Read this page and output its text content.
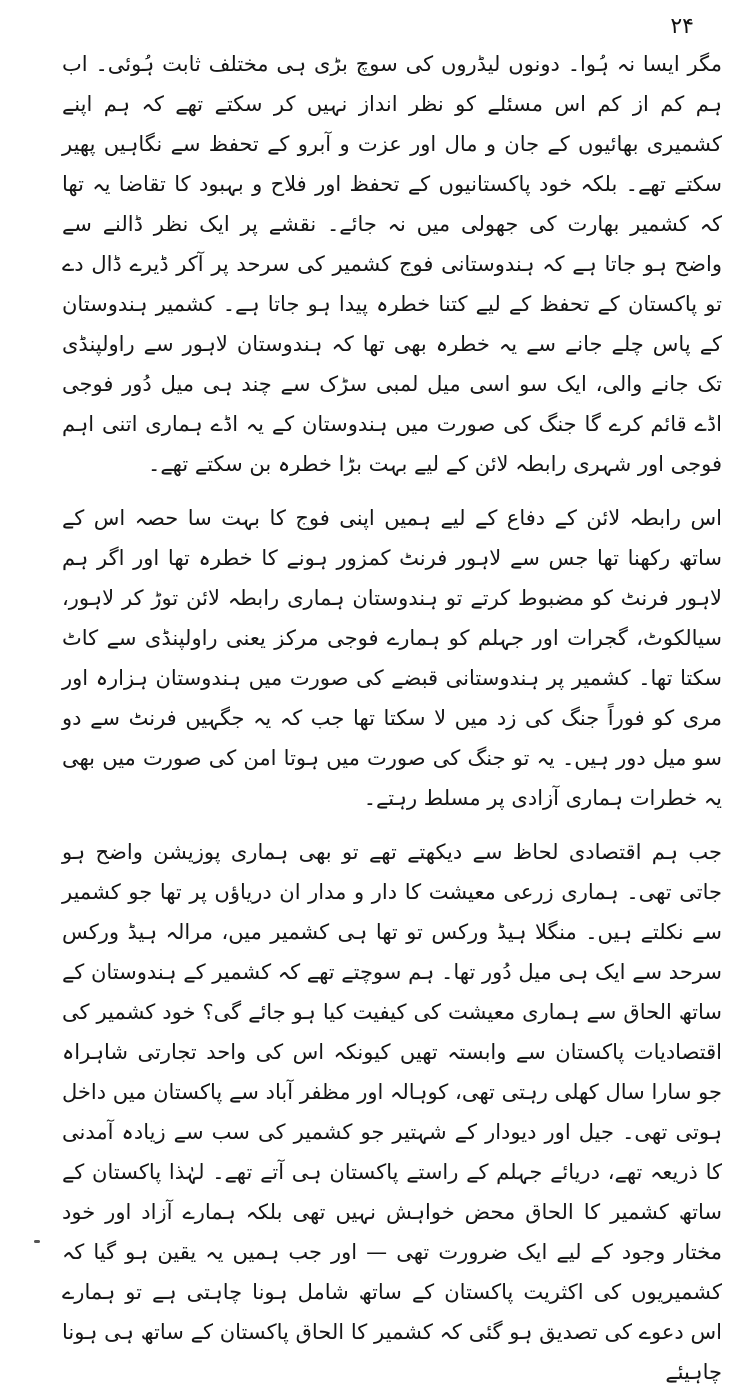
۲۴

مگر ایسا نہ ہُوا۔ دونوں لیڈروں کی سوچ بڑی ہی مختلف ثابت ہُوئی۔ اب ہم کم از کم اس مسئلے کو نظر انداز نہیں کر سکتے تھے کہ ہم اپنے کشمیری بھائیوں کے جان و مال اور عزت و آبرو کے تحفظ سے نگاہیں پھیر سکتے تھے۔ بلکہ خود پاکستانیوں کے تحفظ اور فلاح و بہبود کا تقاضا یہ تھا کہ کشمیر بھارت کی جھولی میں نہ جائے۔ نقشے پر ایک نظر ڈالنے سے واضح ہو جاتا ہے کہ ہندوستانی فوج کشمیر کی سرحد پر آکر ڈیرے ڈال دے تو پاکستان کے تحفظ کے لیے کتنا خطرہ پیدا ہو جاتا ہے۔ کشمیر ہندوستان کے پاس چلے جانے سے یہ خطرہ بھی تھا کہ ہندوستان لاہور سے راولپنڈی تک جانے والی، ایک سو اسی میل لمبی سڑک سے چند ہی میل دُور فوجی اڈے قائم کرے گا جنگ کی صورت میں ہندوستان کے یہ اڈے ہماری اتنی اہم فوجی اور شہری رابطہ لائن کے لیے بہت بڑا خطرہ بن سکتے تھے۔

اس رابطہ لائن کے دفاع کے لیے ہمیں اپنی فوج کا بہت سا حصہ اس کے ساتھ رکھنا تھا جس سے لاہور فرنٹ کمزور ہونے کا خطرہ تھا اور اگر ہم لاہور فرنٹ کو مضبوط کرتے تو ہندوستان ہماری رابطہ لائن توڑ کر لاہور، سیالکوٹ، گجرات اور جہلم کو ہمارے فوجی مرکز یعنی راولپنڈی سے کاٹ سکتا تھا۔ کشمیر پر ہندوستانی قبضے کی صورت میں ہندوستان ہزارہ اور مری کو فوراً جنگ کی زد میں لا سکتا تھا جب کہ یہ جگہیں فرنٹ سے دو سو میل دور ہیں۔ یہ تو جنگ کی صورت میں ہوتا امن کی صورت میں بھی یہ خطرات ہماری آزادی پر مسلط رہتے۔

جب ہم اقتصادی لحاظ سے دیکھتے تھے تو بھی ہماری پوزیشن واضح ہو جاتی تھی۔ ہماری زرعی معیشت کا دار و مدار ان دریاؤں پر تھا جو کشمیر سے نکلتے ہیں۔ منگلا ہیڈ ورکس تو تھا ہی کشمیر میں، مرالہ ہیڈ ورکس سرحد سے ایک ہی میل دُور تھا۔ ہم سوچتے تھے کہ کشمیر کے ہندوستان کے ساتھ الحاق سے ہماری معیشت کی کیفیت کیا ہو جائے گی؟ خود کشمیر کی اقتصادیات پاکستان سے وابستہ تھیں کیونکہ اس کی واحد تجارتی شاہراہ جو سارا سال کھلی رہتی تھی، کوہالہ اور مظفر آباد سے پاکستان میں داخل ہوتی تھی۔ جیل اور دیودار کے شہتیر جو کشمیر کی سب سے زیادہ آمدنی کا ذریعہ تھے، دریائے جہلم کے راستے پاکستان ہی آتے تھے۔ لہٰذا پاکستان کے ساتھ کشمیر کا الحاق محض خواہش نہیں تھی بلکہ ہمارے آزاد اور خود مختار وجود کے لیے ایک ضرورت تھی — اور جب ہمیں یہ یقین ہو گیا کہ کشمیریوں کی اکثریت پاکستان کے ساتھ شامل ہونا چاہتی ہے تو ہمارے اس دعوے کی تصدیق ہو گئی کہ کشمیر کا الحاق پاکستان کے ساتھ ہی ہونا چاہیئے
